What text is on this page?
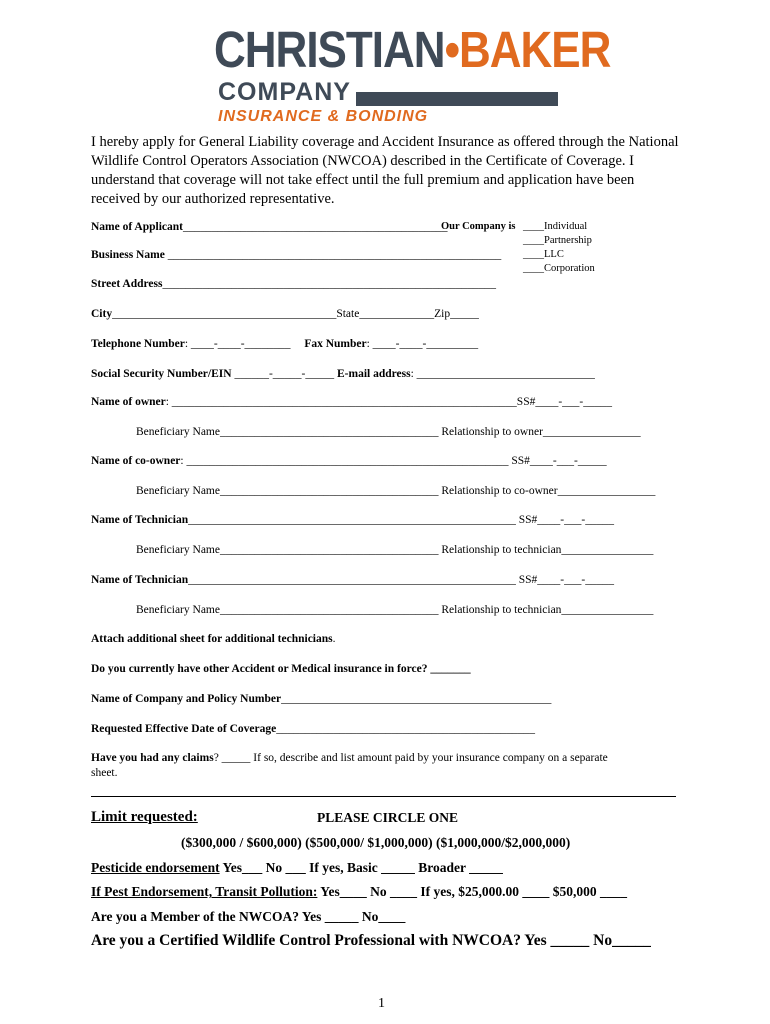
CHRISTIAN•BAKER
COMPANY
INSURANCE & BONDING
I hereby apply for General Liability coverage and Accident Insurance as offered through the National Wildlife Control Operators Association (NWCOA) described in the Certificate of Coverage. I understand that coverage will not take effect until the full premium and application have been received by our authorized representative.
Name of Applicant______________________________________________
Our Company is ____Individual
____Partnership
____LLC
____Corporation
Business Name __________________________________________________________
Street Address__________________________________________________________
City_______________________________________State_____________Zip_____
Telephone Number: ____-____-________ Fax Number: ____-____-_________
Social Security Number/EIN ______-_____-_____ E-mail address: _______________________________
Name of owner: ____________________________________________________________SS#____-___-_____
Beneficiary Name______________________________________ Relationship to owner_________________
Name of co-owner: ________________________________________________________ SS#____-___-_____
Beneficiary Name______________________________________ Relationship to co-owner_________________
Name of Technician_________________________________________________________ SS#____-___-_____
Beneficiary Name______________________________________ Relationship to technician________________
Name of Technician_________________________________________________________ SS#____-___-_____
Beneficiary Name______________________________________ Relationship to technician________________
Attach additional sheet for additional technicians.
Do you currently have other Accident or Medical insurance in force? _______
Name of Company and Policy Number_______________________________________________
Requested Effective Date of Coverage_____________________________________________
Have you had any claims? _____ If so, describe and list amount paid by your insurance company on a separate
sheet.
Limit requested:	PLEASE CIRCLE ONE
($300,000 / $600,000) ($500,000/ $1,000,000) ($1,000,000/$2,000,000)
Pesticide endorsement Yes___ No ___ If yes, Basic _____ Broader _____
If Pest Endorsement, Transit Pollution: Yes____ No ____ If yes, $25,000.00 ____ $50,000 ____
Are you a Member of the NWCOA? Yes _____ No____
Are you a Certified Wildlife Control Professional with NWCOA? Yes _____ No_____
1
